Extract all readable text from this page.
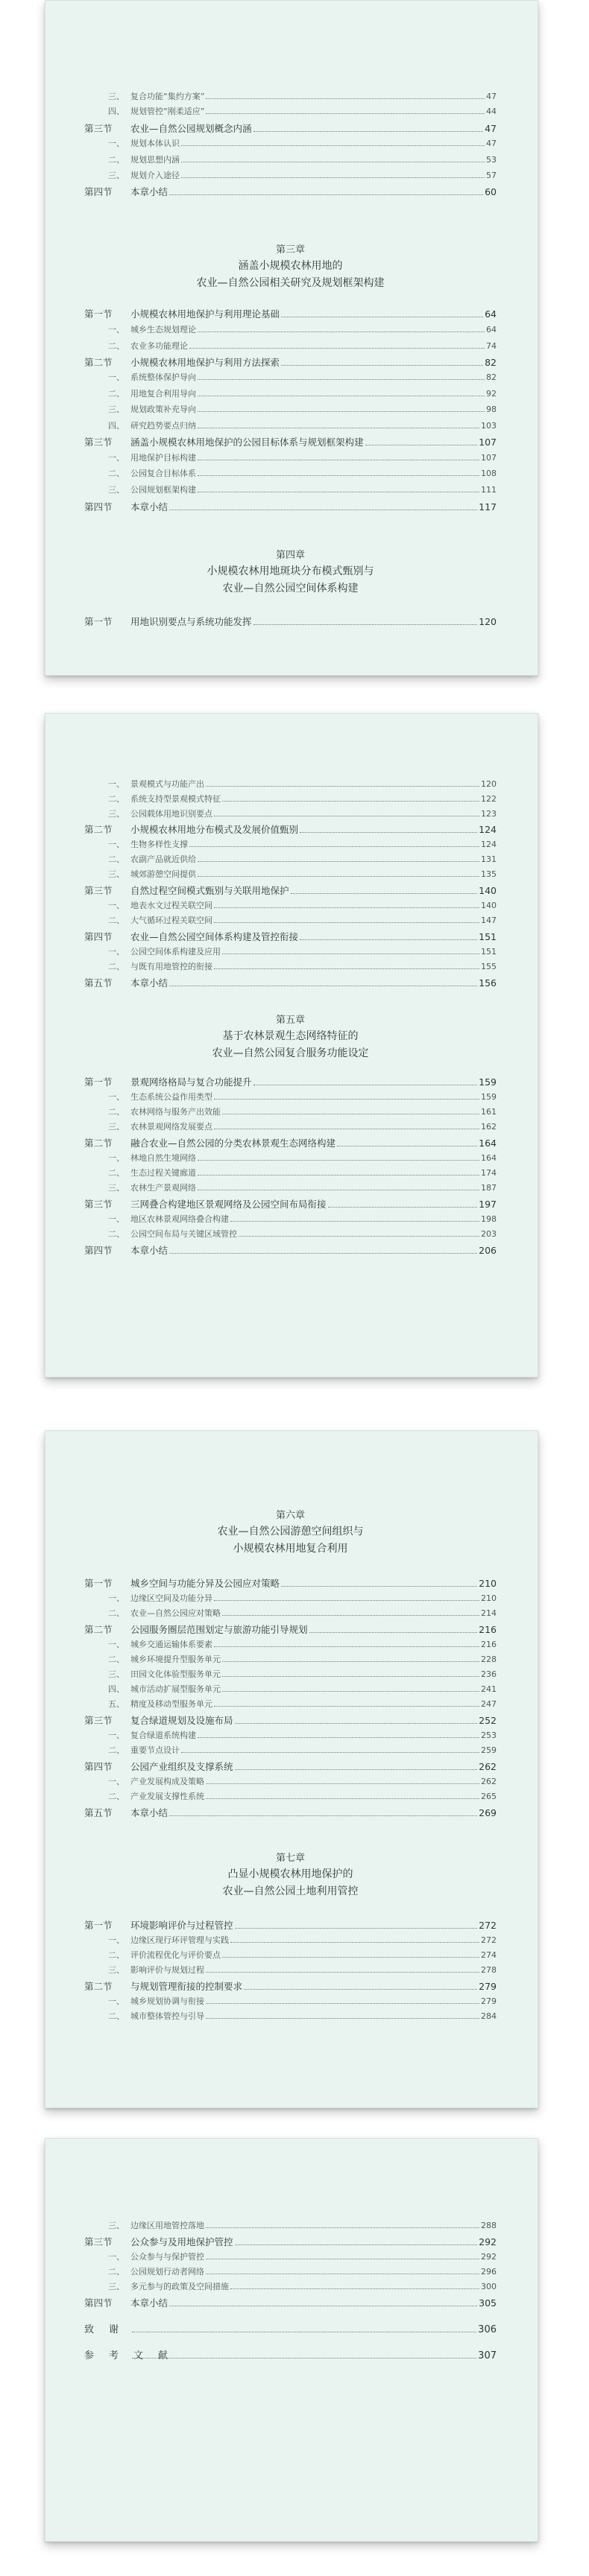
三、 复合功能“集约方案”	47
四、 规划管控“刚柔适应”	44
第三节	农业—自然公园规划概念内涵	47
一、 规划本体认识	47
二、 规划思想内涵	53
三、 规划介入途径	57
第四节	本章小结	60
第三章
涵盖小规模农林用地的
农业—自然公园相关研究及规划框架构建
第一节	小规模农林用地保护与利用理论基础	64
一、 城乡生态规划理论	64
二、 农业多功能理论	74
第二节	小规模农林用地保护与利用方法探索	82
一、 系统整体保护导向	82
二、 用地复合利用导向	92
三、 规划政策补充导向	98
四、 研究趋势要点归纳	103
第三节	涵盖小规模农林用地保护的公园目标体系与规划框架构建	107
一、 用地保护目标构建	107
二、 公园复合目标体系	108
三、 公园规划框架构建	111
第四节	本章小结	117
第四章
小规模农林用地斑块分布模式甄别与
农业—自然公园空间体系构建
第一节	用地识别要点与系统功能发挥	120
一、 景观模式与功能产出	120
二、 系统支持型景观模式特征	122
三、 公园载体用地识别要点	123
第二节	小规模农林用地分布模式及发展价值甄别	124
一、 生物多样性支撑	124
二、 农副产品就近供给	131
三、 城郊游憩空间提供	135
第三节	自然过程空间模式甄别与关联用地保护	140
一、 地表水文过程关联空间	140
二、 大气循环过程关联空间	147
第四节	农业—自然公园空间体系构建及管控衔接	151
一、 公园空间体系构建及应用	151
二、 与既有用地管控的衔接	155
第五节	本章小结	156
第五章
基于农林景观生态网络特征的
农业—自然公园复合服务功能设定
第一节	景观网络格局与复合功能提升	159
一、 生态系统公益作用类型	159
二、 农林网络与服务产出效能	161
三、 农林景观网络发展要点	162
第二节	融合农业—自然公园的分类农林景观生态网络构建	164
一、 林地自然生境网络	164
二、 生态过程关键廊道	174
三、 农林生产景观网络	187
第三节	三网叠合构建地区景观网络及公园空间布局衔接	197
一、 地区农林景观网络叠合构建	198
二、 公园空间布局与关键区域管控	203
第四节	本章小结	206
第六章
农业—自然公园游憩空间组织与
小规模农林用地复合利用
第一节	城乡空间与功能分异及公园应对策略	210
一、 边缘区空间及功能分异	210
二、 农业—自然公园应对策略	214
第二节	公园服务圈层范围划定与旅游功能引导规划	216
一、 城乡交通运输体系要素	216
二、 城乡环境提升型服务单元	228
三、 田园文化体验型服务单元	236
四、 城市活动扩展型服务单元	241
五、 精度及移动型服务单元	247
第三节	复合绿道规划及设施布局	252
一、 复合绿道系统构建	253
二、 重要节点设计	259
第四节	公园产业组织及支撑系统	262
一、 产业发展构成及策略	262
二、 产业发展支撑性系统	265
第五节	本章小结	269
第七章
凸显小规模农林用地保护的
农业—自然公园土地利用管控
第一节	环境影响评价与过程管控	272
一、 边缘区现行环评管理与实践	272
二、 评价流程优化与评价要点	274
三、 影响评价与规划过程	278
第二节	与规划管理衔接的控制要求	279
一、 城乡规划协调与衔接	279
二、 城市整体管控与引导	284
三、 边缘区用地管控落地	288
第三节	公众参与及用地保护管控	292
一、 公众参与与保护管控	292
二、 公园规划行动者网络	296
三、 多元参与的政策及空间措施	300
第四节	本章小结	305
致谢	306
参考文献	307
